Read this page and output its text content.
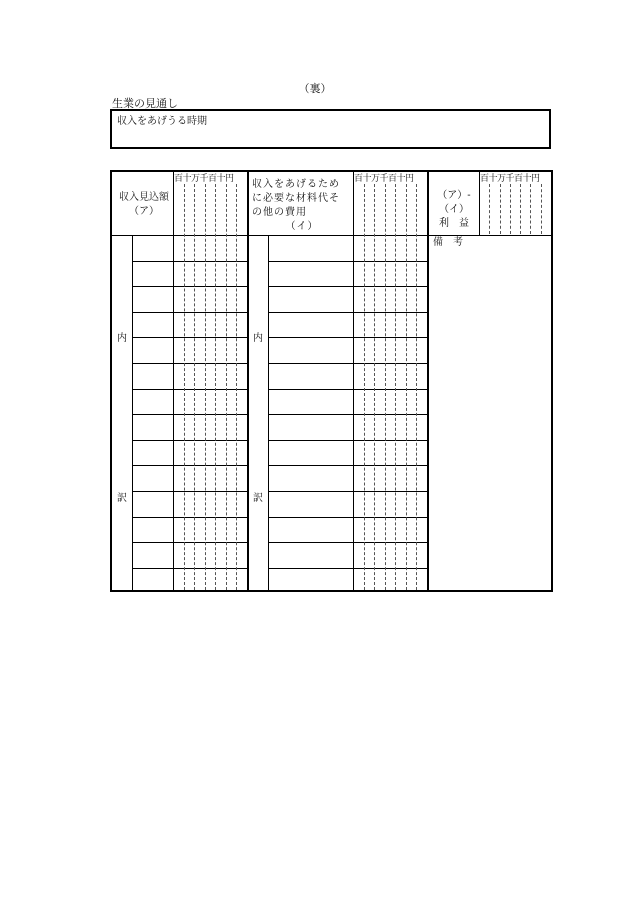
（裏）
生業の見通し
収入をあげうる時期
収入見込額
（ア）
収入をあげるため
に必要な材料代そ
の他の費用
（イ）
（ア）-（イ）
利　益
百十万千百十円	百十万千百十円	百十万千百十円
内
訳
内
訳
備　考
